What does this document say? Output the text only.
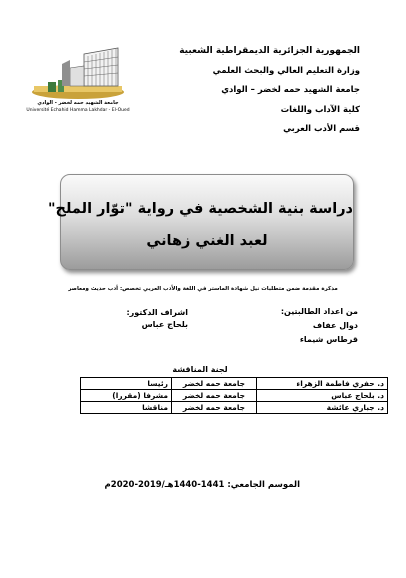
الجمهورية الجزائرية الديمقراطية الشعبية
وزارة التعليم العالي والبحث العلمي
جامعة الشهيد حمه لخضر – الوادي
كلية الآداب واللغات
قسم الأدب العربي
جامعة الشهيد حمه لخضر - الوادي
Université Echahid Hamma Lakhdar - El-Oued
دراسة بنية الشخصية في رواية "توّار الملح"
لعبد الغني زهاني
مذكرة مقدمة ضمن متطلبات نيل شهادة الماستر في اللغة والأدب العربي تخصص: أدب حديث ومعاصر
من اعداد الطالبتين:
دوال عفاف
قرطاس شيماء
اشراف الدكتور:
بلحاج عباس
لجنة المناقشة
د. حفري فاطمة الزهراء	جامعة حمه لخضر	رئيسا
د. بلحاج عباس	جامعة حمه لخضر	مشرفا (مقررا)
د. جباري عائشة	جامعة حمه لخضر	مناقشا
الموسم الجامعي: 1441-1440هـ/2019-2020م
